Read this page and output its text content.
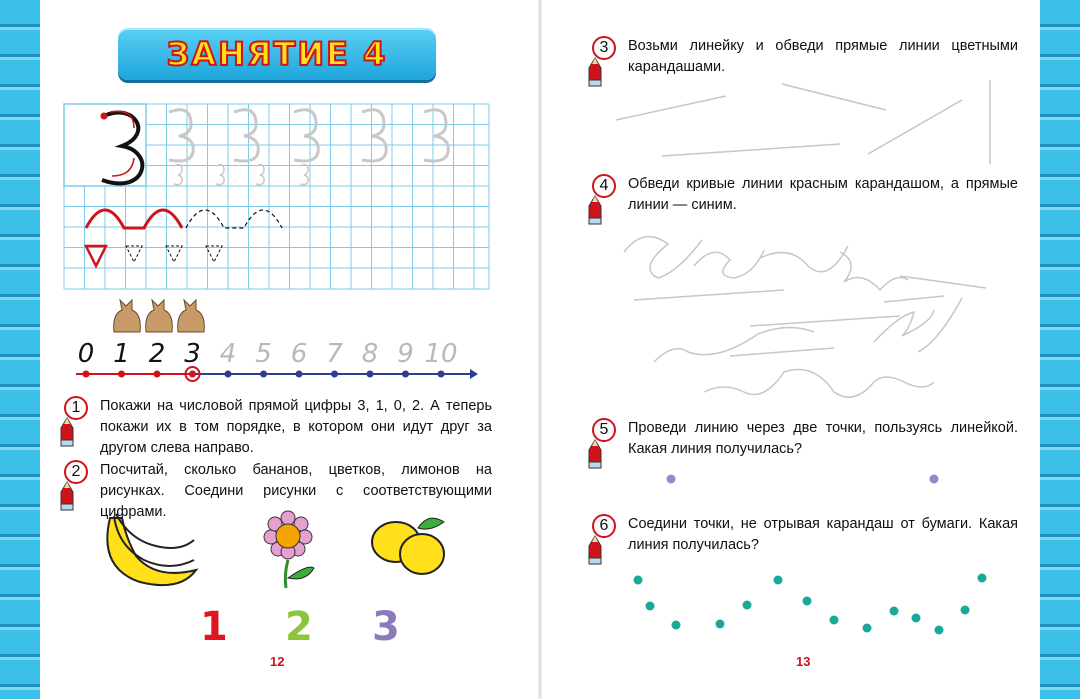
ЗАНЯТИЕ 4
0 1 2 3 4 5 6 7 8 9 10
1 Покажи на числовой прямой цифры 3, 1, 0, 2. А теперь покажи их в том порядке, в котором они идут друг за другом слева направо.
2 Посчитай, сколько бананов, цветков, лимонов на рисунках. Соедини рисунки с соответствующими цифрами.
1 2 3
12
3 Возьми линейку и обведи прямые линии цветными карандашами.
4 Обведи кривые линии красным карандашом, а прямые линии — синим.
5 Проведи линию через две точки, пользуясь линейкой. Какая линия получилась?
6 Соедини точки, не отрывая карандаш от бумаги. Какая линия получилась?
13
